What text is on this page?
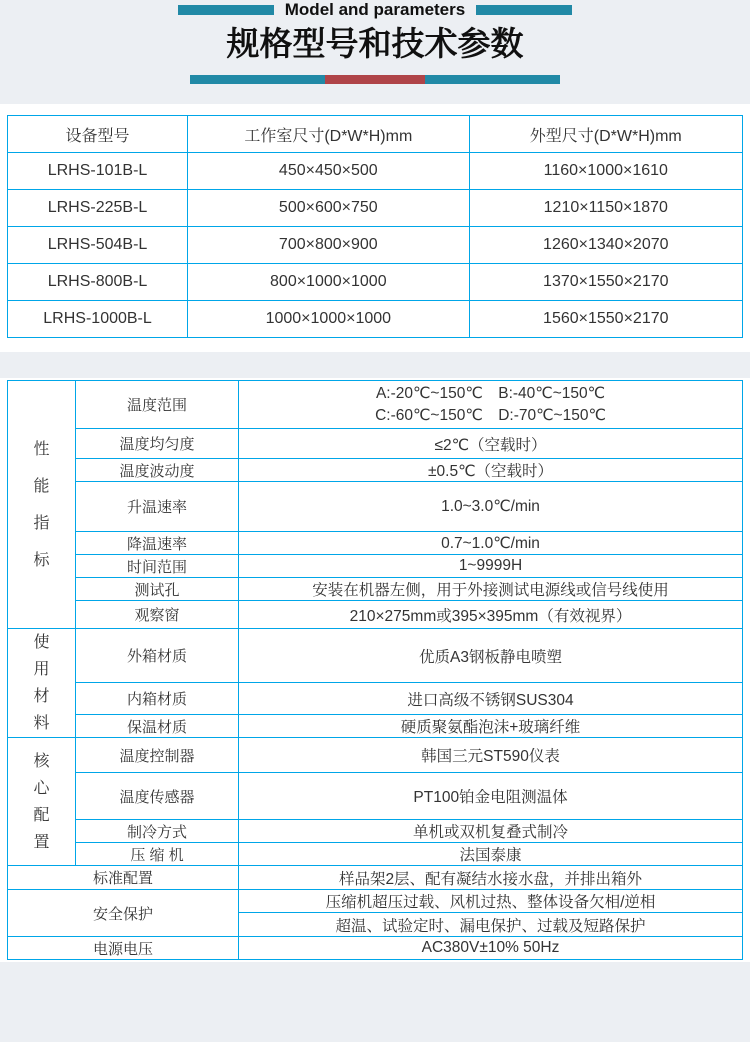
Model and parameters
规格型号和技术参数
设备型号	工作室尺寸(D*W*H)mm	外型尺寸(D*W*H)mm
LRHS-101B-L	450×450×500	1160×1000×1610
LRHS-225B-L	500×600×750	1210×1150×1870
LRHS-504B-L	700×800×900	1260×1340×2070
LRHS-800B-L	800×1000×1000	1370×1550×2170
LRHS-1000B-L	1000×1000×1000	1560×1550×2170
性能指标	温度范围	A:-20℃~150℃　B:-40℃~150℃
C:-60℃~150℃　D:-70℃~150℃

	温度均匀度	≤2℃（空载时）
	温度波动度	±0.5℃（空载时）
	升温速率	1.0~3.0℃/min
	降温速率	0.7~1.0℃/min
	时间范围	1~9999H
	测试孔	安装在机器左侧，用于外接测试电源线或信号线使用
	观察窗	210×275mm或395×395mm（有效视界）

使用材料	外箱材质	优质A3钢板静电喷塑
	内箱材质	进口高级不锈钢SUS304
	保温材质	硬质聚氨酯泡沫+玻璃纤维

核心配置	温度控制器	韩国三元ST590仪表
	温度传感器	PT100铂金电阻测温体
	制冷方式	单机或双机复叠式制冷
	压 缩 机	法国泰康
标准配置		样品架2层、配有凝结水接水盘，并排出箱外
安全保护		压缩机超压过载、风机过热、整体设备欠相/逆相
		超温、试验定时、漏电保护、过载及短路保护
电源电压		AC380V±10% 50Hz
